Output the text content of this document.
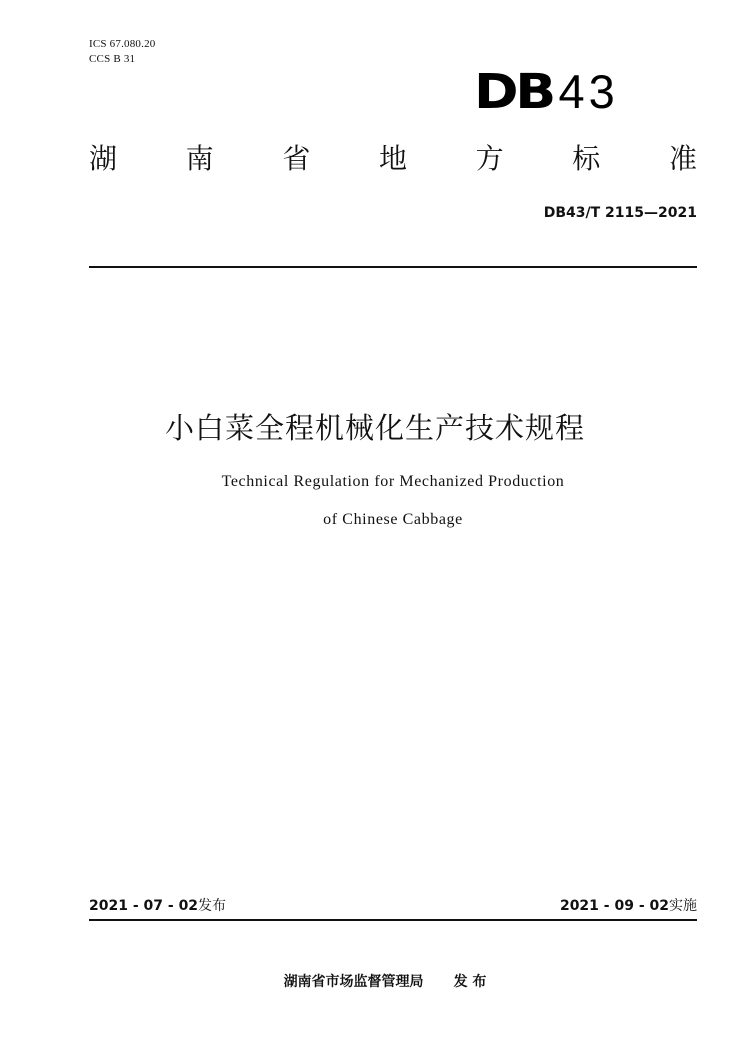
ICS 67.080.20
CCS B 31
DB 43
湖 南 省 地 方 标 准
DB43/T 2115—2021
小白菜全程机械化生产技术规程
Technical Regulation for Mechanized Production
of Chinese Cabbage
2021 - 07 - 02发布	2021 - 09 - 02实施
湖南省市场监督管理局 发 布
